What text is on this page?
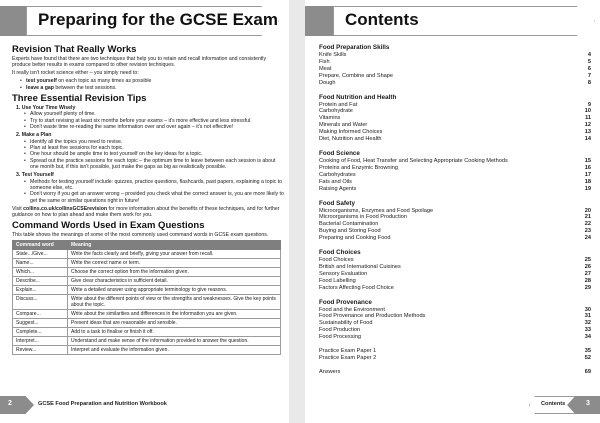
Preparing for the GCSE Exam
Revision That Really Works

Experts have found that there are two techniques that help you to retain and recall information and consistently produce better results in exams compared to other revision techniques.

It really isn't rocket science either – you simply need to:

• test yourself on each topic as many times as possible
• leave a gap between the test sessions.
Three Essential Revision Tips
1. Use Your Time Wisely
• Allow yourself plenty of time.
• Try to start revising at least six months before your exams – it's more effective and less stressful.
• Don't waste time re-reading the same information over and over again – it's not effective!
2. Make a Plan
• Identify all the topics you need to revise.
• Plan at least five sessions for each topic.
• One hour should be ample time to test yourself on the key ideas for a topic.
• Spread out the practice sessions for each topic – the optimum time to leave between each session is about one month but, if this isn't possible, just make the gaps as big as realistically possible.
3. Test Yourself
• Methods for testing yourself include: quizzes, practice questions, flashcards, past papers, explaining a topic to someone else, etc.
• Don't worry if you get an answer wrong – provided you check what the correct answer is, you are more likely to get the same or similar questions right in future!

Visit collins.co.uk/collinsGCSErevision for more information about the benefits of these techniques, and for further guidance on how to plan ahead and make them work for you.

Command Words Used in Exam Questions

This table shows the meanings of some of the most commonly used command words in GCSE exam questions.

Command word	Meaning
State.../Give...	Write the facts clearly and briefly, giving your answer from recall.
Name...	Write the correct name or term.
Which...	Choose the correct option from the information given.
Describe...	Give clear characteristics in sufficient detail.
Explain...	Write a detailed answer using appropriate terminology to give reasons.
Discuss...	Write about the different points of view or the strengths and weaknesses. Give the key points about the topic.
Compare...	Write about the similarities and differences in the information you are given.
Suggest...	Present ideas that are reasonable and sensible.
Complete...	Add to a task to finalise or finish it off.
Interpret...	Understand and make sense of the information provided to answer the question.
Review...	Interpret and evaluate the information given.
2	GCSE Food Preparation and Nutrition Workbook
Contents
Food Preparation Skills
Knife Skills	4
Fish	5
Meat	6
Prepare, Combine and Shape	7
Dough	8
Food Nutrition and Health
Protein and Fat	9
Carbohydrate	10
Vitamins	11
Minerals and Water	12
Making Informed Choices	13
Diet, Nutrition and Health	14
Food Science
Cooking of Food, Heat Transfer and Selecting Appropriate Cooking Methods	15
Proteins and Enzymic Browning	16
Carbohydrates	17
Fats and Oils	18
Raising Agents	19
Food Safety
Microorganisms, Enzymes and Food Spoilage	20
Microorganisms in Food Production	21
Bacterial Contamination	22
Buying and Storing Food	23
Preparing and Cooking Food	24
Food Choices
Food Choices	25
British and International Cuisines	26
Sensory Evaluation	27
Food Labelling	28
Factors Affecting Food Choice	29
Food Provenance
Food and the Environment	30
Food Provenance and Production Methods	31
Sustainability of Food	32
Food Production	33
Food Processing	34
Practice Exam Paper 1	35
Practice Exam Paper 2	52
Answers	69
Contents	3
